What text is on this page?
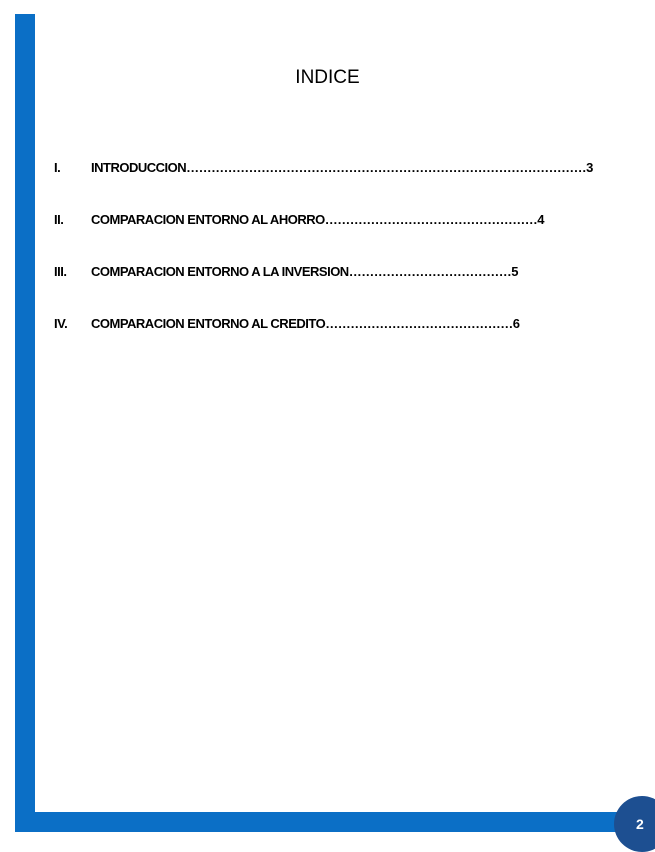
2
INDICE
I. INTRODUCCION……………………………………………………………………………………3
II. COMPARACION ENTORNO AL AHORRO……………………………………………4
III. COMPARACION ENTORNO A LA INVERSION…………………………………5
IV. COMPARACION ENTORNO AL CREDITO………………………………………6
